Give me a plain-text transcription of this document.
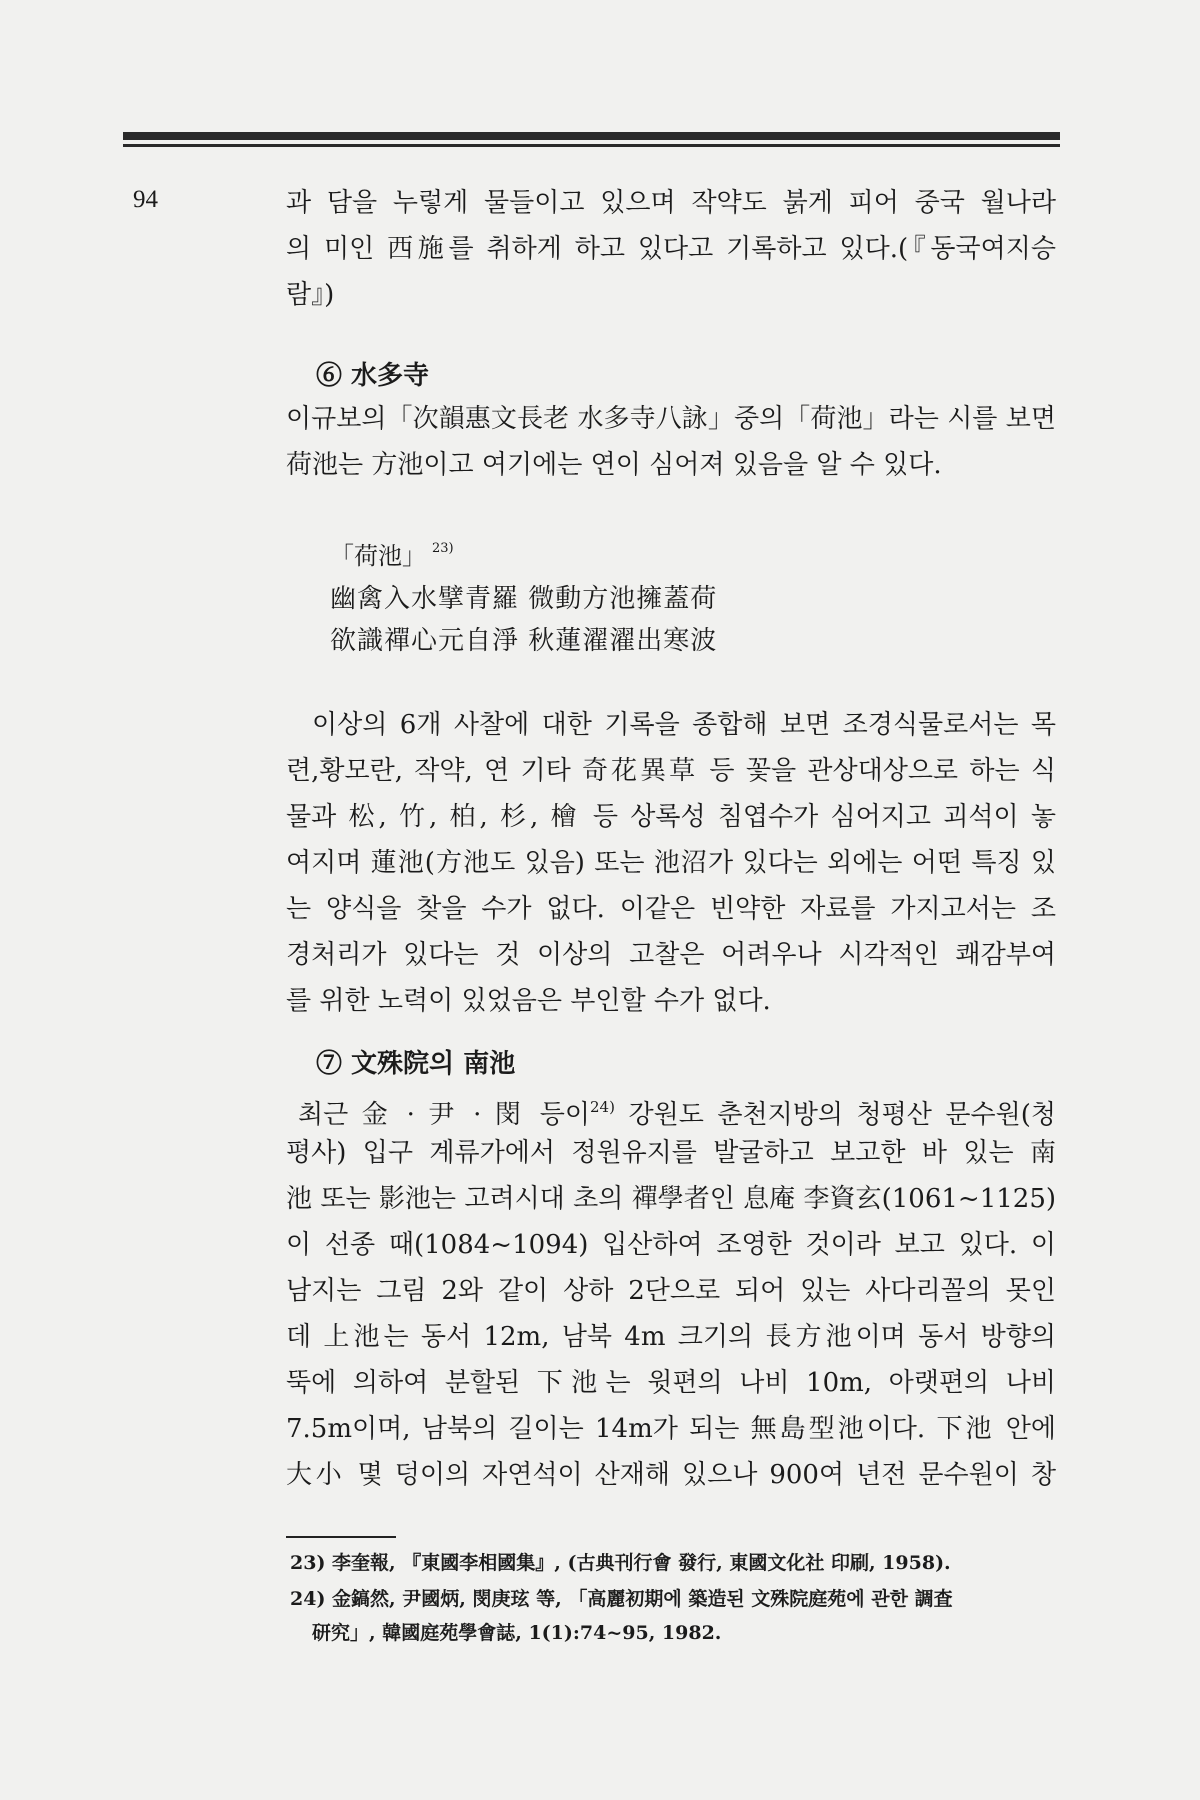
94	과 담을 누렇게 물들이고 있으며 작약도 붉게 피어 중국 월나라
의 미인 西施를 취하게 하고 있다고 기록하고 있다.(『동국여지승
람』)
⑥ 水多寺
이규보의「次韻惠文長老 水多寺八詠」중의「荷池」라는 시를 보면
荷池는 方池이고 여기에는 연이 심어져 있음을 알 수 있다.
「荷池」 $^{23)}$
幽禽入水擘青羅 微動方池擁蓋荷
欲識禪心元自淨 秋蓮濯濯出寒波
이상의 6개 사찰에 대한 기록을 종합해 보면 조경식물로서는 목
련,황모란, 작약, 연 기타 奇花異草 등 꽃을 관상대상으로 하는 식
물과 松, 竹, 柏, 杉, 檜 등 상록성 침엽수가 심어지고 괴석이 놓
여지며 蓮池(方池도 있음) 또는 池沼가 있다는 외에는 어떤 특징 있
는 양식을 찾을 수가 없다. 이같은 빈약한 자료를 가지고서는 조
경처리가 있다는 것 이상의 고찰은 어려우나 시각적인 쾌감부여
를 위한 노력이 있었음은 부인할 수가 없다.
⑦ 文殊院의 南池
최근 金 · 尹 · 閔 등이$^{24)}$ 강원도 춘천지방의 청평산 문수원(청
평사) 입구 계류가에서 정원유지를 발굴하고 보고한 바 있는 南
池 또는 影池는 고려시대 초의 禪學者인 息庵 李資玄(1061~1125)
이 선종 때(1084~1094) 입산하여 조영한 것이라 보고 있다. 이
남지는 그림 2와 같이 상하 2단으로 되어 있는 사다리꼴의 못인
데 上池는 동서 12m, 남북 4m 크기의 長方池이며 동서 방향의
뚝에 의하여 분할된 下池는 윗편의 나비 10m, 아랫편의 나비
7.5m이며, 남북의 길이는 14m가 되는 無島型池이다. 下池 안에
大小 몇 덩이의 자연석이 산재해 있으나 900여 년전 문수원이 창
23) 李奎報, 『東國李相國集』, (古典刊行會 發行, 東國文化社 印刷, 1958).
24) 金鎬然, 尹國炳, 閔庚玹 等, 「高麗初期에 築造된 文殊院庭苑에 관한 調査
研究」, 韓國庭苑學會誌, 1(1):74~95, 1982.
